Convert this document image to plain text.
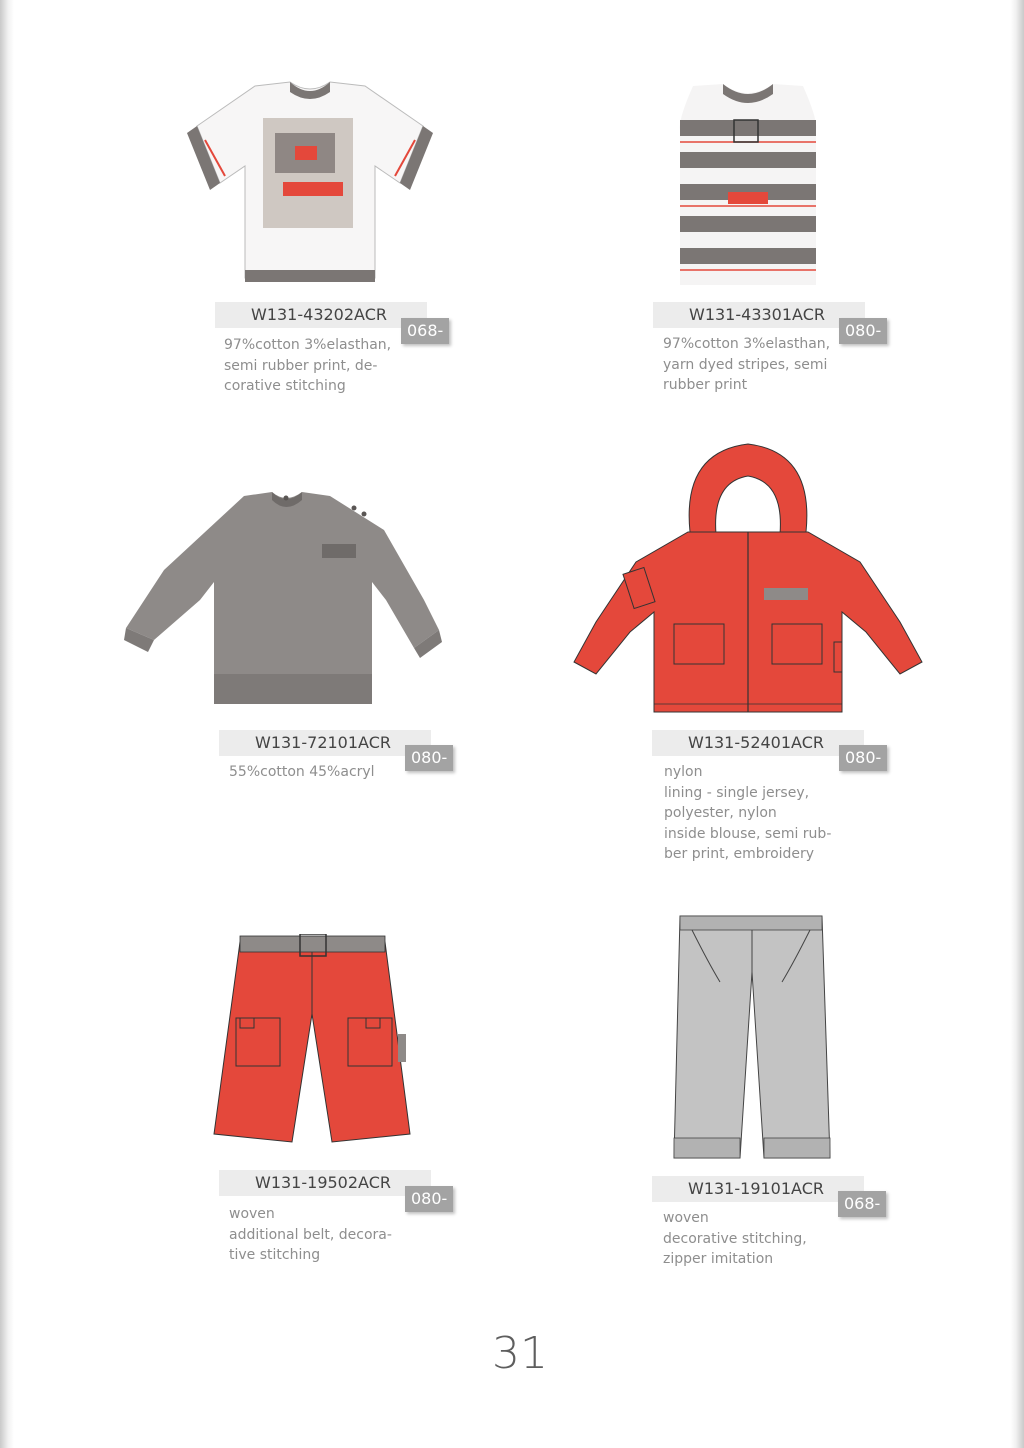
W131-43202ACR
068-098
97%cotton 3%elasthan,
semi rubber print, de-
corative stitching
W131-43301ACR
080-098
97%cotton 3%elasthan,
yarn dyed stripes, semi
rubber print
W131-72101ACR
080-098
55%cotton 45%acryl
W131-52401ACR
080-098
nylon
lining - single jersey,
polyester, nylon
inside blouse, semi rub-
ber print, embroidery
W131-19502ACR
080-098
woven
additional belt, decora-
tive stitching
W131-19101ACR
068-098
woven
decorative stitching,
zipper imitation
31
